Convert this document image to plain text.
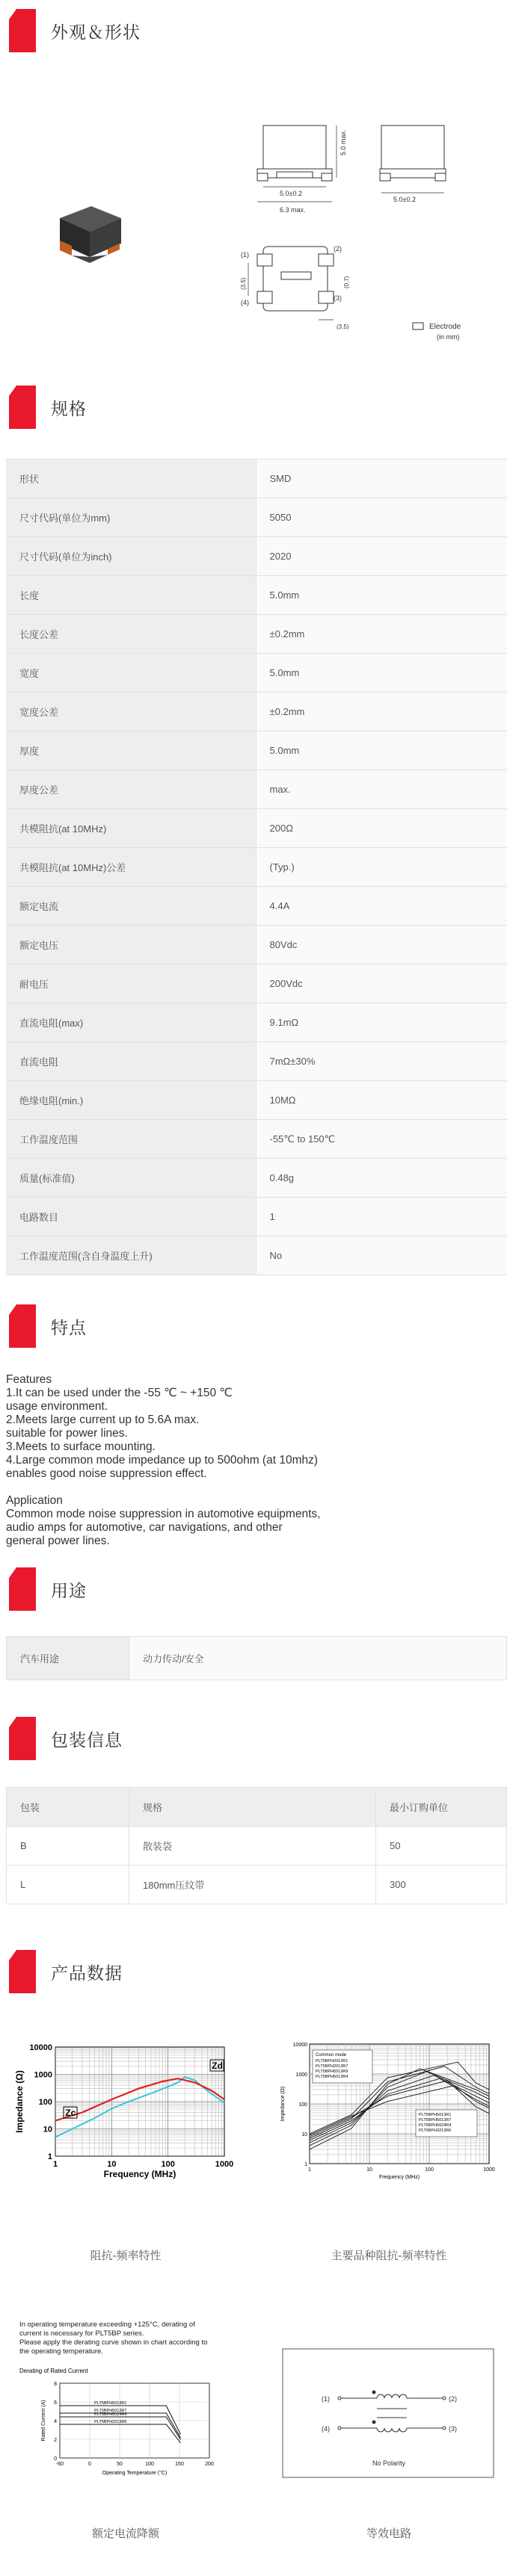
外观＆形状
5.0 max.
5.0±0.2
6.3 max.
5.0±0.2
(1)
(2)
(3)
(4)
(3.5)	(0.7)
(3.5)	Electrode
(in mm)
规格
形状	SMD
尺寸代码(单位为mm)	5050
尺寸代码(单位为inch)	2020
长度	5.0mm
长度公差	±0.2mm
宽度	5.0mm
宽度公差	±0.2mm
厚度	5.0mm
厚度公差	max.
共模阻抗(at 10MHz)	200Ω
共模阻抗(at 10MHz)公差	(Typ.)
额定电流	4.4A
额定电压	80Vdc
耐电压	200Vdc
直流电阻(max)	9.1mΩ
直流电阻	7mΩ±30%
绝缘电阻(min.)	10MΩ
工作温度范围	-55℃ to 150℃
质量(标准值)	0.48g
电路数目	1
工作温度范围(含自身温度上升)	No
特点
Features
1.It can be used under the -55 ℃ ~ +150 ℃
usage environment.
2.Meets large current up to 5.6A max.
suitable for power lines.
3.Meets to surface mounting.
4.Large common mode impedance up to 500ohm (at 10mhz)
enables good noise suppression effect.
Application
Common mode noise suppression in automotive equipments,
audio amps for automotive, car navigations, and other
general power lines.
用途
汽车用途	动力传动/安全
包装信息
包装	规格	最小订购单位
B	散装袋	50
L	180mm压纹带	300
产品数据
Zd
Zc
10000
1000
100
10
1
1	10	100	1000
Frequency (MHz)
Impedance (Ω)
阻抗-频率特性
Common mode
PLT5BPH2013R1
PLT5BPH2013R7
PLT5BPH5013R9
PLT5BPH5013R4
PLT5BPH5013R1
PLT5BPH5013R7
PLT5BPH5024R4
PLT5BPH3213R6
10000
1000
100
10
1
1	10	100	1000
Frequency (MHz)
Impedance (Ω)
主要品种阻抗-频率特性
In operating temperature exceeding +125°C, derating of
current is necessary for PLT5BP series.
Please apply the derating curve shown in chart according to
the operating temperature.
Derating of Rated Current
PLT5BPH5013R1
PLT5BPH5013R7
PLT5BPH5024R4
PLT5BPH3213R6
8
6
4
2
0
-60	0	50	100	150	200
Operating Temperature (°C)
Rated Current (A)
额定电流降额
(1)	(2)
(3)
(4)
No Polarity
等效电路
